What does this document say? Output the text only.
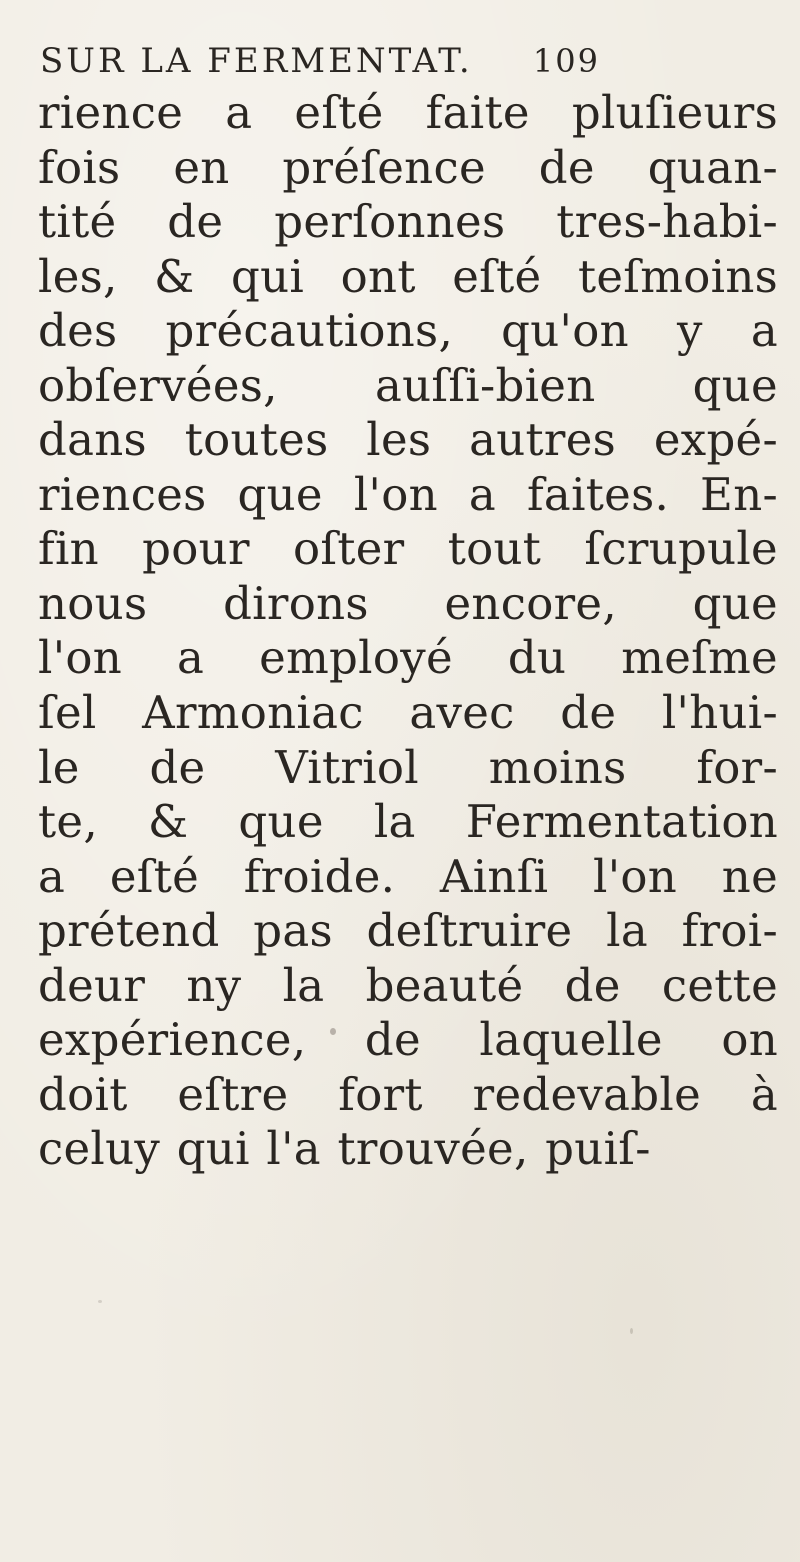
SUR LA FERMENTAT. 109
rience a eſté faite pluſieurs
fois en préſence de quan-
tité de perſonnes tres-habi-
les, & qui ont eſté teſmoins
des précautions, qu'on y a
obſervées, auſſi-bien que
dans toutes les autres expé-
riences que l'on a faites. En-
fin pour oſter tout ſcrupule
nous dirons encore, que
l'on a employé du meſme
ſel Armoniac avec de l'hui-
le de Vitriol moins for-
te, & que la Fermentation
a eſté froide. Ainſi l'on ne
prétend pas deſtruire la froi-
deur ny la beauté de cette
expérience, de laquelle on
doit eſtre fort redevable à
celuy qui l'a trouvée, puiſ-
